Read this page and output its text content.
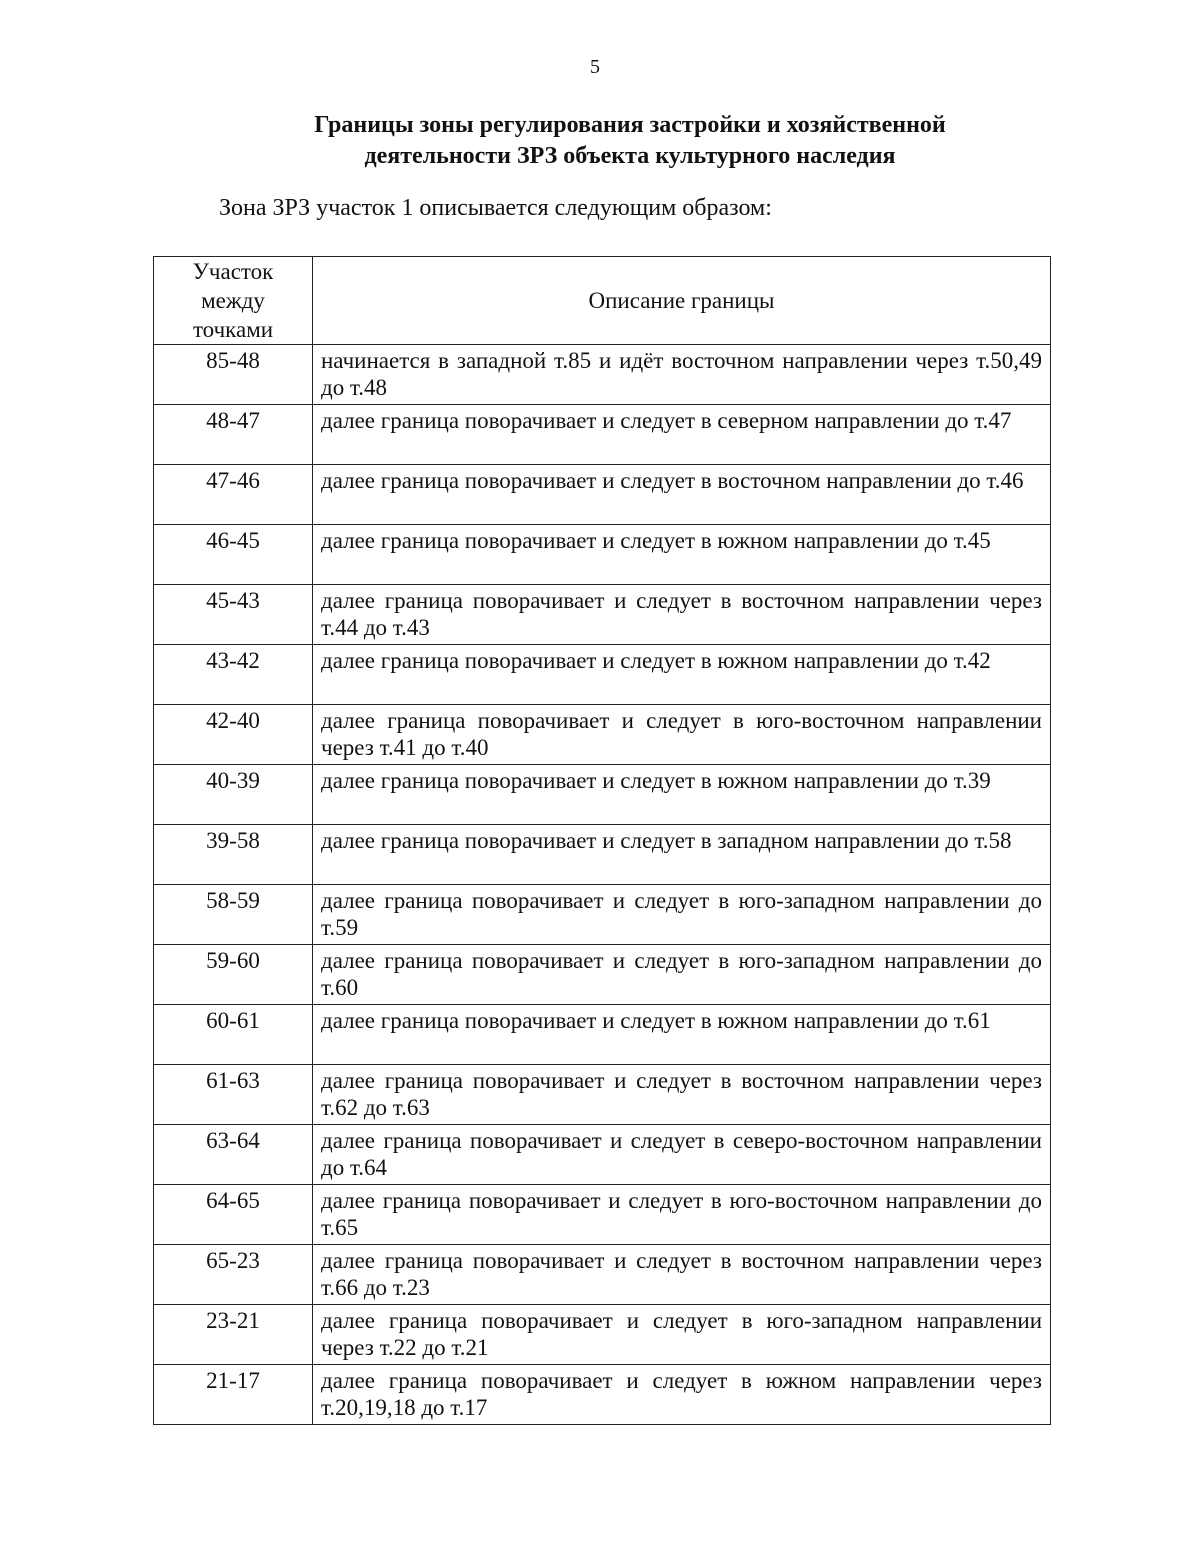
5
Границы зоны регулирования застройки и хозяйственной
деятельности ЗРЗ объекта культурного наследия
Зона ЗРЗ участок 1 описывается следующим образом:
Участок
между
точками	Описание границы
85-48	начинается в западной т.85 и идёт восточном направлении через т.50,49 до т.48
48-47	далее граница поворачивает и следует в северном направлении до т.47
47-46	далее граница поворачивает и следует в восточном направлении до т.46
46-45	далее граница поворачивает и следует в южном направлении до т.45
45-43	далее граница поворачивает и следует в восточном направлении через т.44 до т.43
43-42	далее граница поворачивает и следует в южном направлении до т.42
42-40	далее граница поворачивает и следует в юго-восточном направлении через т.41 до т.40
40-39	далее граница поворачивает и следует в южном направлении до т.39
39-58	далее граница поворачивает и следует в западном направлении до т.58
58-59	далее граница поворачивает и следует в юго-западном направлении до т.59
59-60	далее граница поворачивает и следует в юго-западном направлении до т.60
60-61	далее граница поворачивает и следует в южном направлении до т.61
61-63	далее граница поворачивает и следует в восточном направлении через т.62 до т.63
63-64	далее граница поворачивает и следует в северо-восточном направлении до т.64
64-65	далее граница поворачивает и следует в юго-восточном направлении до т.65
65-23	далее граница поворачивает и следует в восточном направлении через т.66 до т.23
23-21	далее граница поворачивает и следует в юго-западном направлении через т.22 до т.21
21-17	далее граница поворачивает и следует в южном направлении через т.20,19,18 до т.17
